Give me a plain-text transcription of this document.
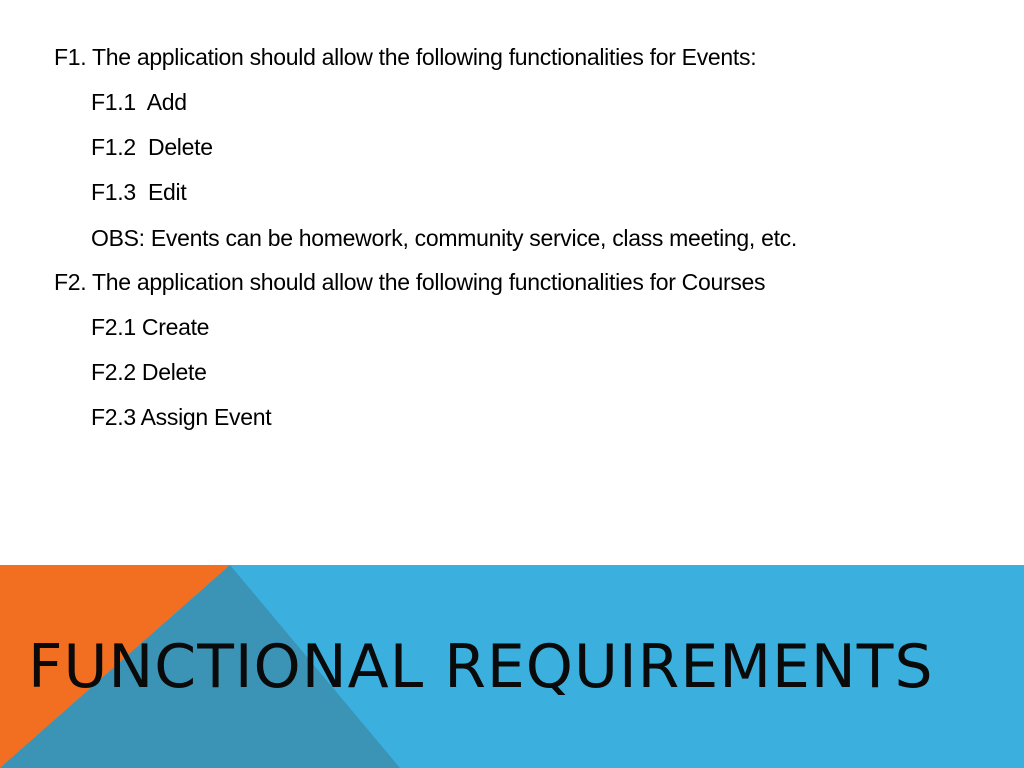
F1. The application should allow the following functionalities for Events:

F1.1  Add

F1.2  Delete

F1.3  Edit

OBS: Events can be homework, community service, class meeting, etc.

F2. The application should allow the following functionalities for Courses

F2.1 Create

F2.2 Delete

F2.3 Assign Event

FUNCTIONAL REQUIREMENTS
